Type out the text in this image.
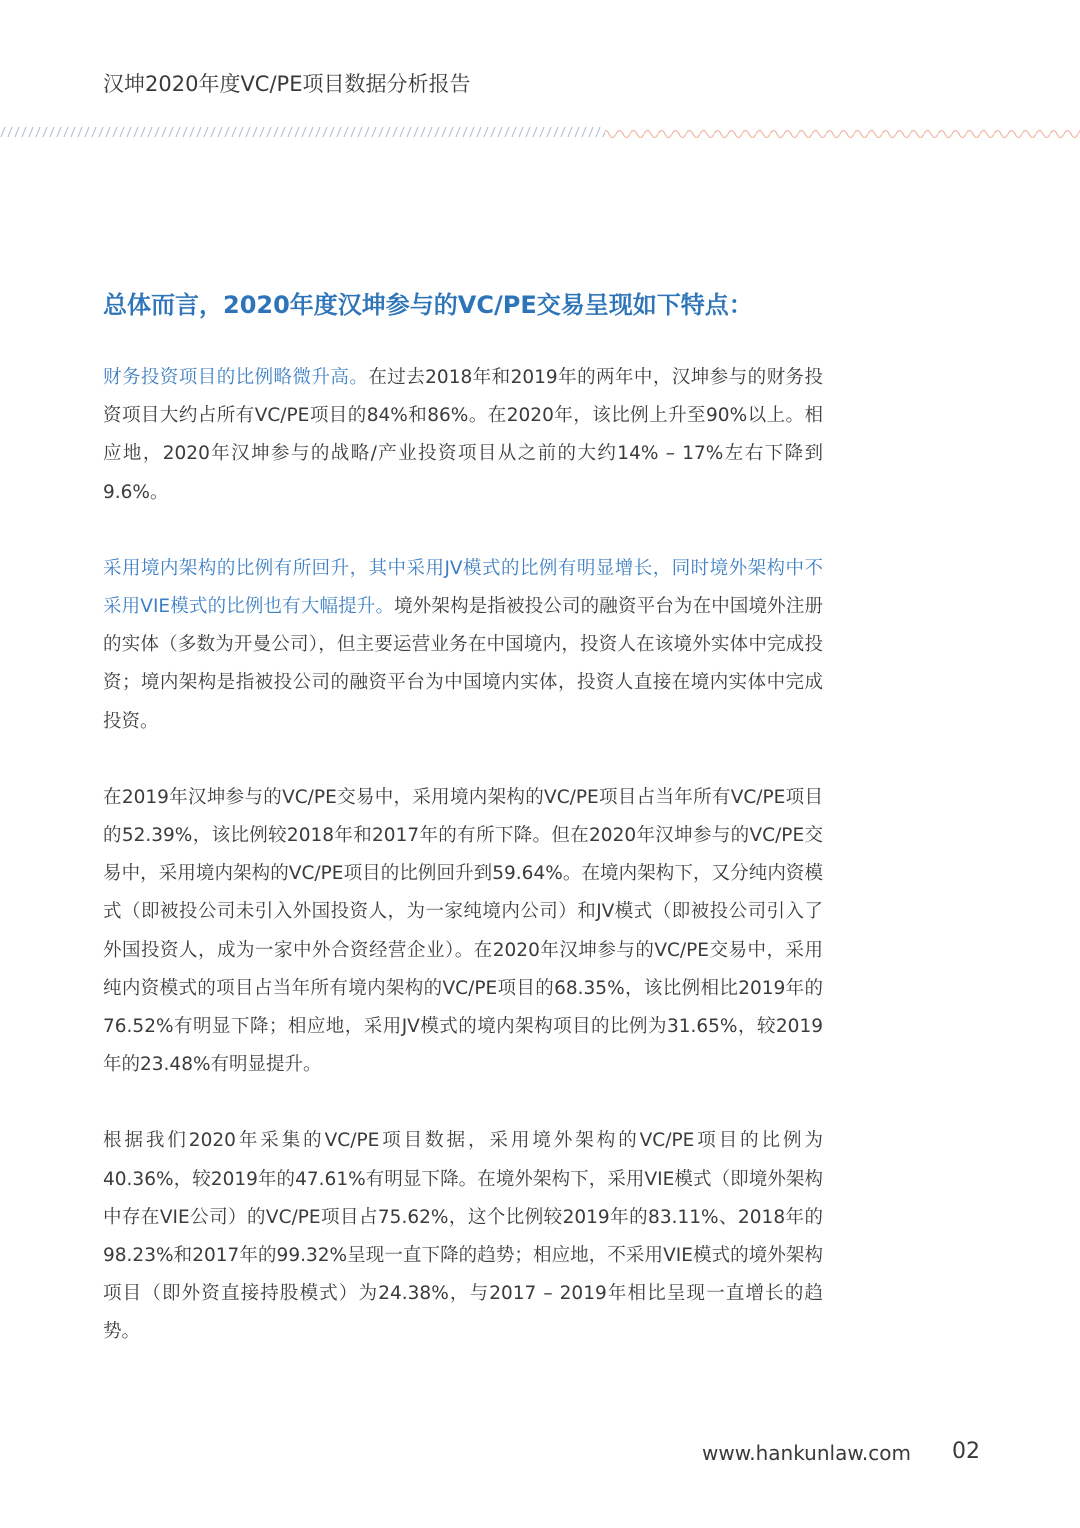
汉坤2020年度VC/PE项目数据分析报告
总体而言，2020年度汉坤参与的VC/PE交易呈现如下特点：

财务投资项目的比例略微升高。在过去2018年和2019年的两年中，汉坤参与的财务投资项目大约占所有VC/PE项目的84%和86%。在2020年，该比例上升至90%以上。相应地，2020年汉坤参与的战略/产业投资项目从之前的大约14% – 17%左右下降到9.6%。

采用境内架构的比例有所回升，其中采用JV模式的比例有明显增长，同时境外架构中不采用VIE模式的比例也有大幅提升。境外架构是指被投公司的融资平台为在中国境外注册的实体（多数为开曼公司），但主要运营业务在中国境内，投资人在该境外实体中完成投资；境内架构是指被投公司的融资平台为中国境内实体，投资人直接在境内实体中完成投资。

在2019年汉坤参与的VC/PE交易中，采用境内架构的VC/PE项目占当年所有VC/PE项目的52.39%，该比例较2018年和2017年的有所下降。但在2020年汉坤参与的VC/PE交易中，采用境内架构的VC/PE项目的比例回升到59.64%。在境内架构下，又分纯内资模式（即被投公司未引入外国投资人，为一家纯境内公司）和JV模式（即被投公司引入了外国投资人，成为一家中外合资经营企业）。在2020年汉坤参与的VC/PE交易中，采用纯内资模式的项目占当年所有境内架构的VC/PE项目的68.35%，该比例相比2019年的76.52%有明显下降；相应地，采用JV模式的境内架构项目的比例为31.65%，较2019年的23.48%有明显提升。

根据我们2020年采集的VC/PE项目数据，采用境外架构的VC/PE项目的比例为40.36%，较2019年的47.61%有明显下降。在境外架构下，采用VIE模式（即境外架构中存在VIE公司）的VC/PE项目占75.62%，这个比例较2019年的83.11%、2018年的98.23%和2017年的99.32%呈现一直下降的趋势；相应地，不采用VIE模式的境外架构项目（即外资直接持股模式）为24.38%，与2017 – 2019年相比呈现一直增长的趋势。

www.hankunlaw.com 02
